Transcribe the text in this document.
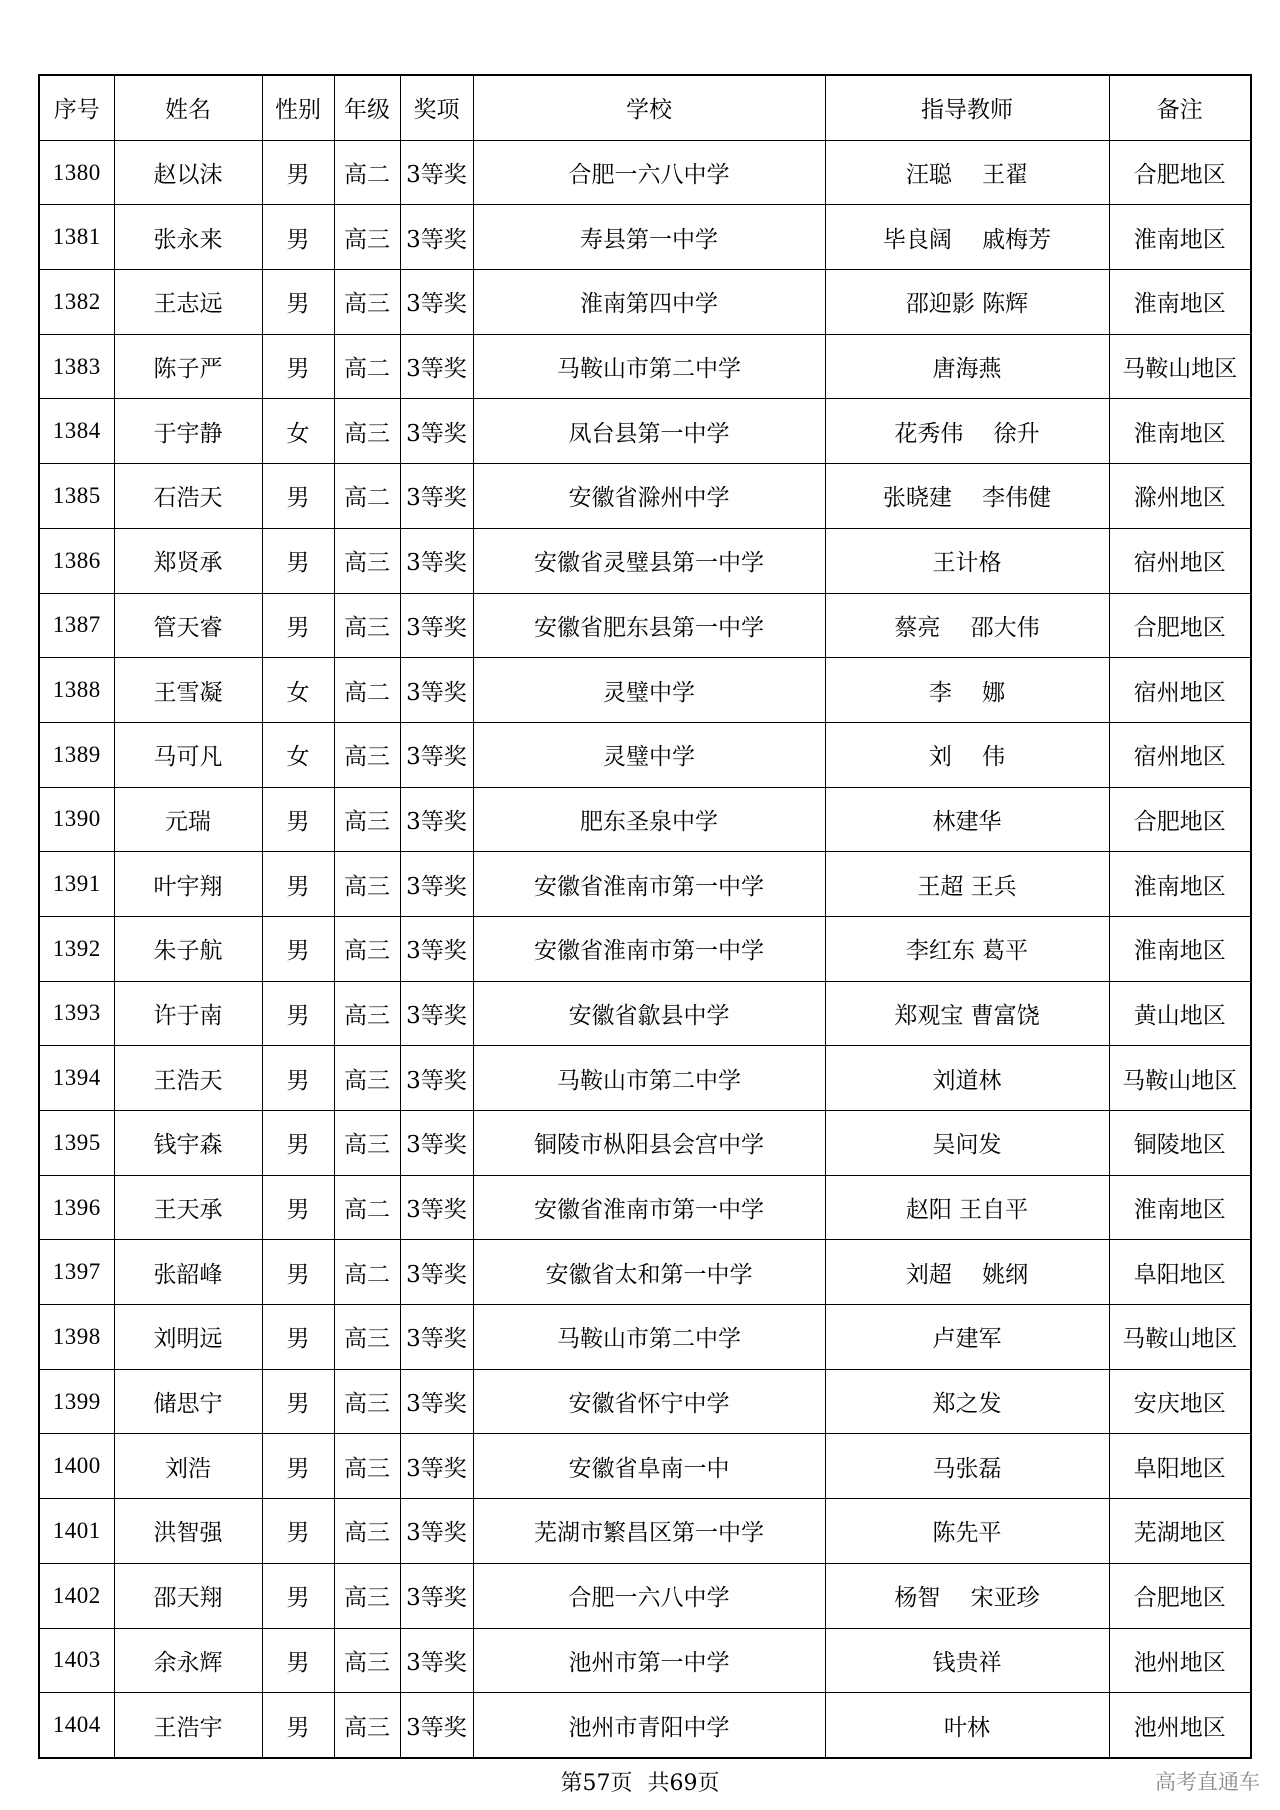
序号	姓名	性别	年级	奖项	学校	指导教师	备注
1380	赵以沫	男	高二	3等奖	合肥一六八中学	汪聪　 王翟	合肥地区
1381	张永来	男	高三	3等奖	寿县第一中学	毕良阔　 戚梅芳	淮南地区
1382	王志远	男	高三	3等奖	淮南第四中学	邵迎影 陈辉	淮南地区
1383	陈子严	男	高二	3等奖	马鞍山市第二中学	唐海燕	马鞍山地区
1384	于宇静	女	高三	3等奖	凤台县第一中学	花秀伟　 徐升	淮南地区
1385	石浩天	男	高二	3等奖	安徽省滁州中学	张晓建　 李伟健	滁州地区
1386	郑贤承	男	高三	3等奖	安徽省灵璧县第一中学	王计格	宿州地区
1387	管天睿	男	高三	3等奖	安徽省肥东县第一中学	蔡亮　 邵大伟	合肥地区
1388	王雪凝	女	高二	3等奖	灵璧中学	李　 娜	宿州地区
1389	马可凡	女	高三	3等奖	灵璧中学	刘　 伟	宿州地区
1390	元瑞	男	高三	3等奖	肥东圣泉中学	林建华	合肥地区
1391	叶宇翔	男	高三	3等奖	安徽省淮南市第一中学	王超 王兵	淮南地区
1392	朱子航	男	高三	3等奖	安徽省淮南市第一中学	李红东 葛平	淮南地区
1393	许于南	男	高三	3等奖	安徽省歙县中学	郑观宝 曹富饶	黄山地区
1394	王浩天	男	高三	3等奖	马鞍山市第二中学	刘道林	马鞍山地区
1395	钱宇森	男	高三	3等奖	铜陵市枞阳县会宫中学	吴问发	铜陵地区
1396	王天承	男	高二	3等奖	安徽省淮南市第一中学	赵阳 王自平	淮南地区
1397	张韶峰	男	高二	3等奖	安徽省太和第一中学	刘超　 姚纲	阜阳地区
1398	刘明远	男	高三	3等奖	马鞍山市第二中学	卢建军	马鞍山地区
1399	储思宁	男	高三	3等奖	安徽省怀宁中学	郑之发	安庆地区
1400	刘浩	男	高三	3等奖	安徽省阜南一中	马张磊	阜阳地区
1401	洪智强	男	高三	3等奖	芜湖市繁昌区第一中学	陈先平	芜湖地区
1402	邵天翔	男	高三	3等奖	合肥一六八中学	杨智　 宋亚珍	合肥地区
1403	余永辉	男	高三	3等奖	池州市第一中学	钱贵祥	池州地区
1404	王浩宇	男	高三	3等奖	池州市青阳中学	叶林	池州地区
第57页 共69页	高考直通车
